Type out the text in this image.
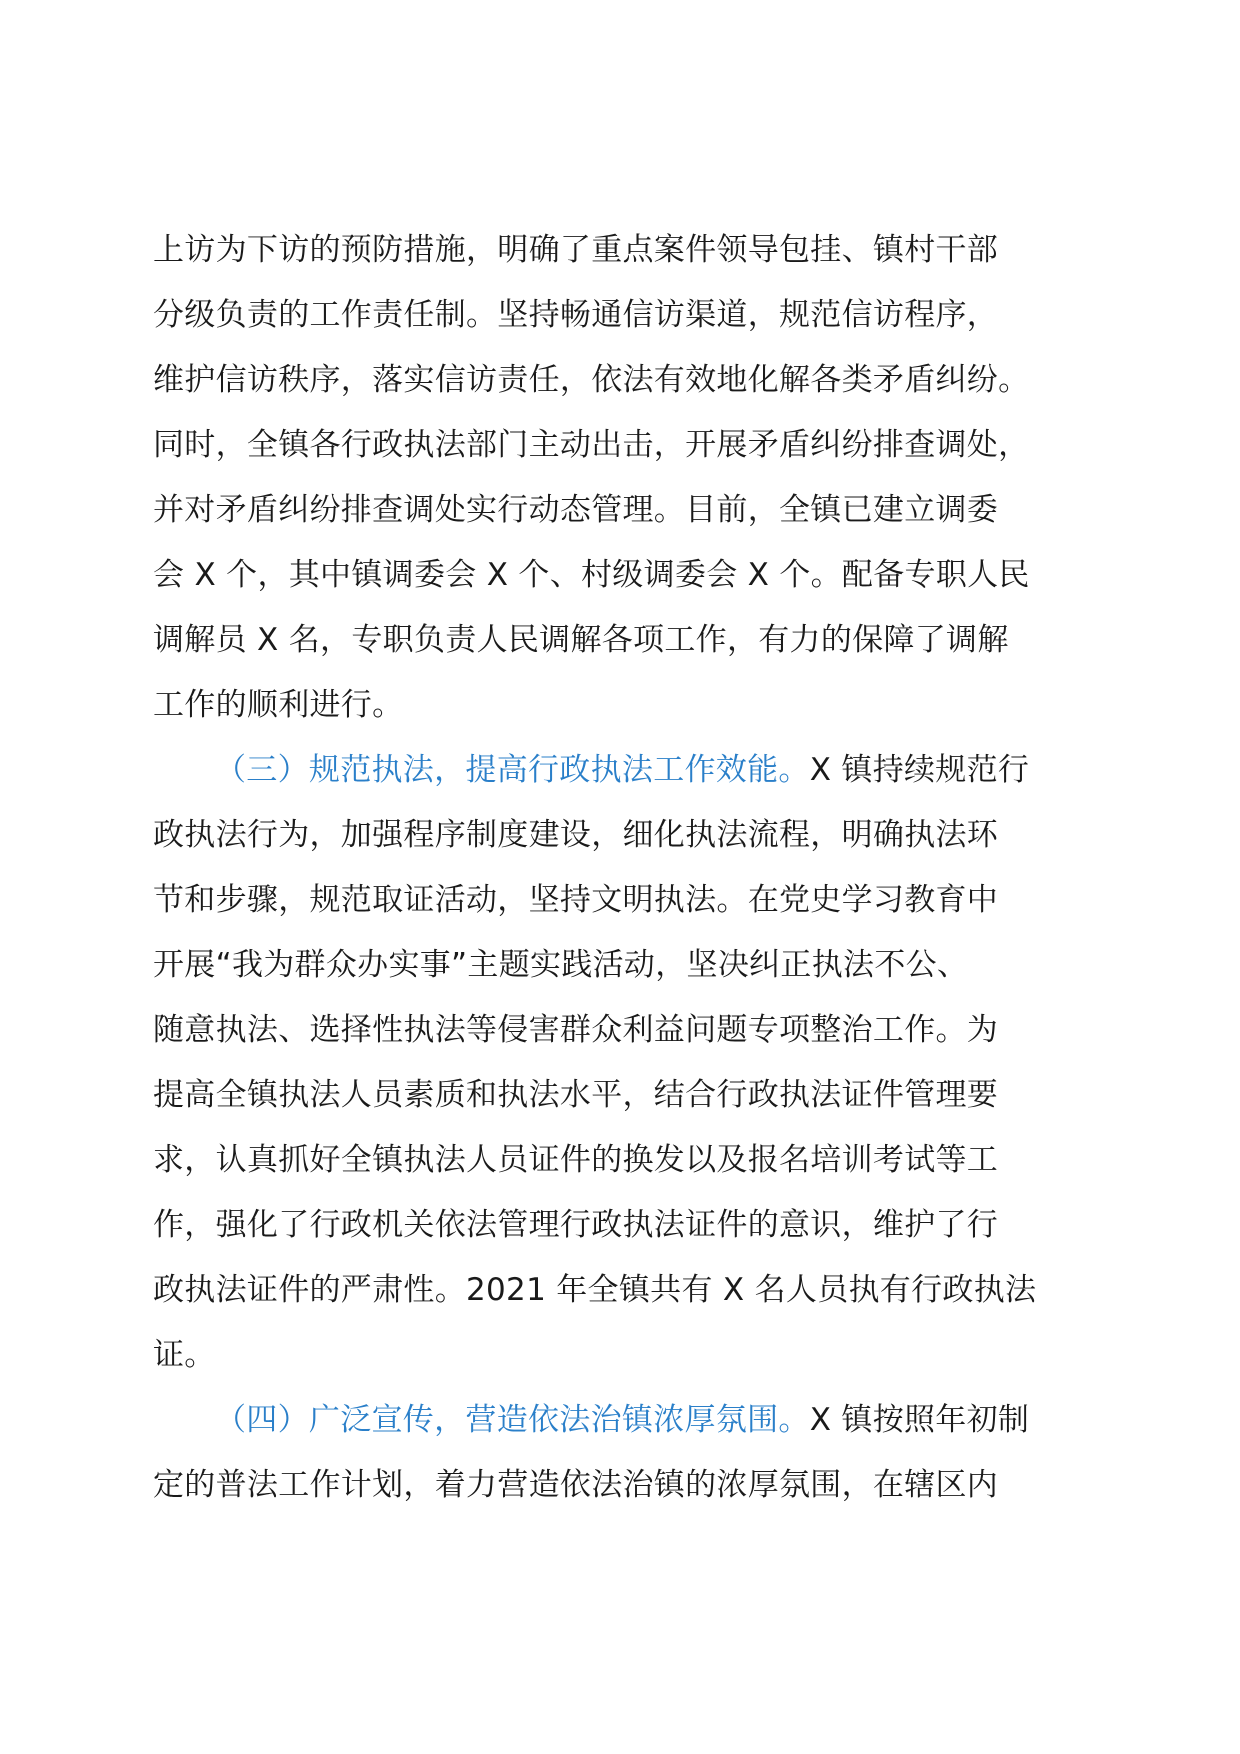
上访为下访的预防措施，明确了重点案件领导包挂、镇村干部
分级负责的工作责任制。坚持畅通信访渠道，规范信访程序，
维护信访秩序，落实信访责任，依法有效地化解各类矛盾纠纷。
同时，全镇各行政执法部门主动出击，开展矛盾纠纷排查调处，
并对矛盾纠纷排查调处实行动态管理。目前，全镇已建立调委
会 X 个，其中镇调委会 X 个、村级调委会 X 个。配备专职人民
调解员 X 名，专职负责人民调解各项工作，有力的保障了调解
工作的顺利进行。
（三）规范执法，提高行政执法工作效能。X 镇持续规范行
政执法行为，加强程序制度建设，细化执法流程，明确执法环
节和步骤，规范取证活动，坚持文明执法。在党史学习教育中
开展“我为群众办实事”主题实践活动，坚决纠正执法不公、
随意执法、选择性执法等侵害群众利益问题专项整治工作。为
提高全镇执法人员素质和执法水平，结合行政执法证件管理要
求，认真抓好全镇执法人员证件的换发以及报名培训考试等工
作，强化了行政机关依法管理行政执法证件的意识，维护了行
政执法证件的严肃性。2021 年全镇共有 X 名人员执有行政执法
证。
（四）广泛宣传，营造依法治镇浓厚氛围。X 镇按照年初制
定的普法工作计划，着力营造依法治镇的浓厚氛围，在辖区内
